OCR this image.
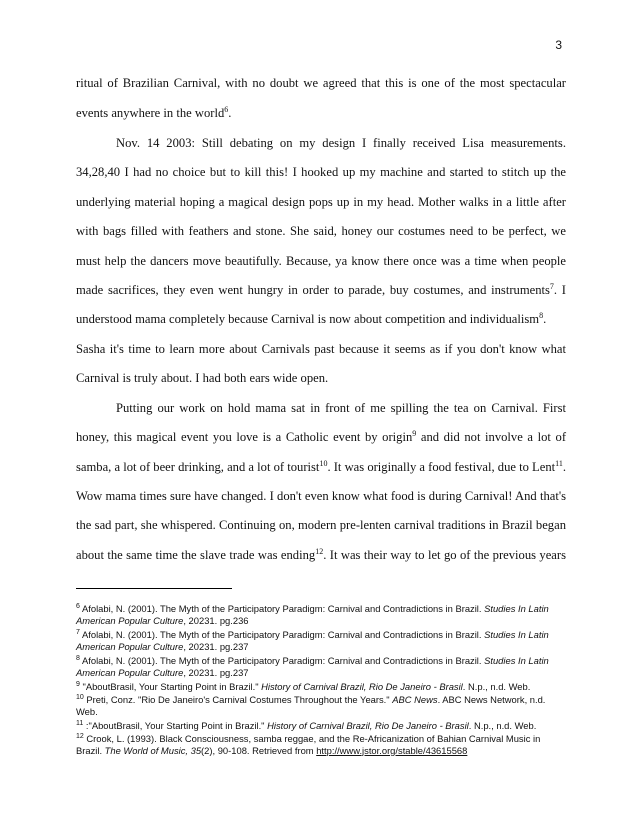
3
ritual of Brazilian Carnival, with no doubt we agreed that this is one of the most spectacular
events anywhere in the world$^6$.
Nov. 14 2003: Still debating on my design I finally received Lisa measurements.
34,28,40 I had no choice but to kill this! I hooked up my machine and started to stitch up the
underlying material hoping a magical design pops up in my head. Mother walks in a little after
with bags filled with feathers and stone. She said, honey our costumes need to be perfect, we
must help the dancers move beautifully. Because, ya know there once was a time when people
made sacrifices, they even went hungry in order to parade, buy costumes, and instruments$^7$. I
understood mama completely because Carnival is now about competition and individualism$^8$.
Sasha it's time to learn more about Carnivals past because it seems as if you don't know what
Carnival is truly about. I had both ears wide open.
Putting our work on hold mama sat in front of me spilling the tea on Carnival. First
honey, this magical event you love is a Catholic event by origin$^9$ and did not involve a lot of
samba, a lot of beer drinking, and a lot of tourist$^{10}$. It was originally a food festival, due to Lent$^{11}$.
Wow mama times sure have changed. I don't even know what food is during Carnival! And that's
the sad part, she whispered. Continuing on, modern pre-lenten carnival traditions in Brazil began
about the same time the slave trade was ending$^{12}$. It was their way to let go of the previous years
$^6$ Afolabi, N. (2001). The Myth of the Participatory Paradigm: Carnival and Contradictions in Brazil. Studies In Latin American Popular Culture, 20231. pg.236
$^7$ Afolabi, N. (2001). The Myth of the Participatory Paradigm: Carnival and Contradictions in Brazil. Studies In Latin American Popular Culture, 20231. pg.237
$^8$ Afolabi, N. (2001). The Myth of the Participatory Paradigm: Carnival and Contradictions in Brazil. Studies In Latin American Popular Culture, 20231. pg.237
$^9$ "AboutBrasil, Your Starting Point in Brazil." History of Carnival Brazil, Rio De Janeiro - Brasil. N.p., n.d. Web.
$^{10}$ Preti, Conz. "Rio De Janeiro's Carnival Costumes Throughout the Years." ABC News. ABC News Network, n.d. Web.
$^{11}$ :"AboutBrasil, Your Starting Point in Brazil." History of Carnival Brazil, Rio De Janeiro - Brasil. N.p., n.d. Web.
$^{12}$ Crook, L. (1993). Black Consciousness, samba reggae, and the Re-Africanization of Bahian Carnival Music in Brazil. The World of Music, 35(2), 90-108. Retrieved from http://www.jstor.org/stable/43615568
